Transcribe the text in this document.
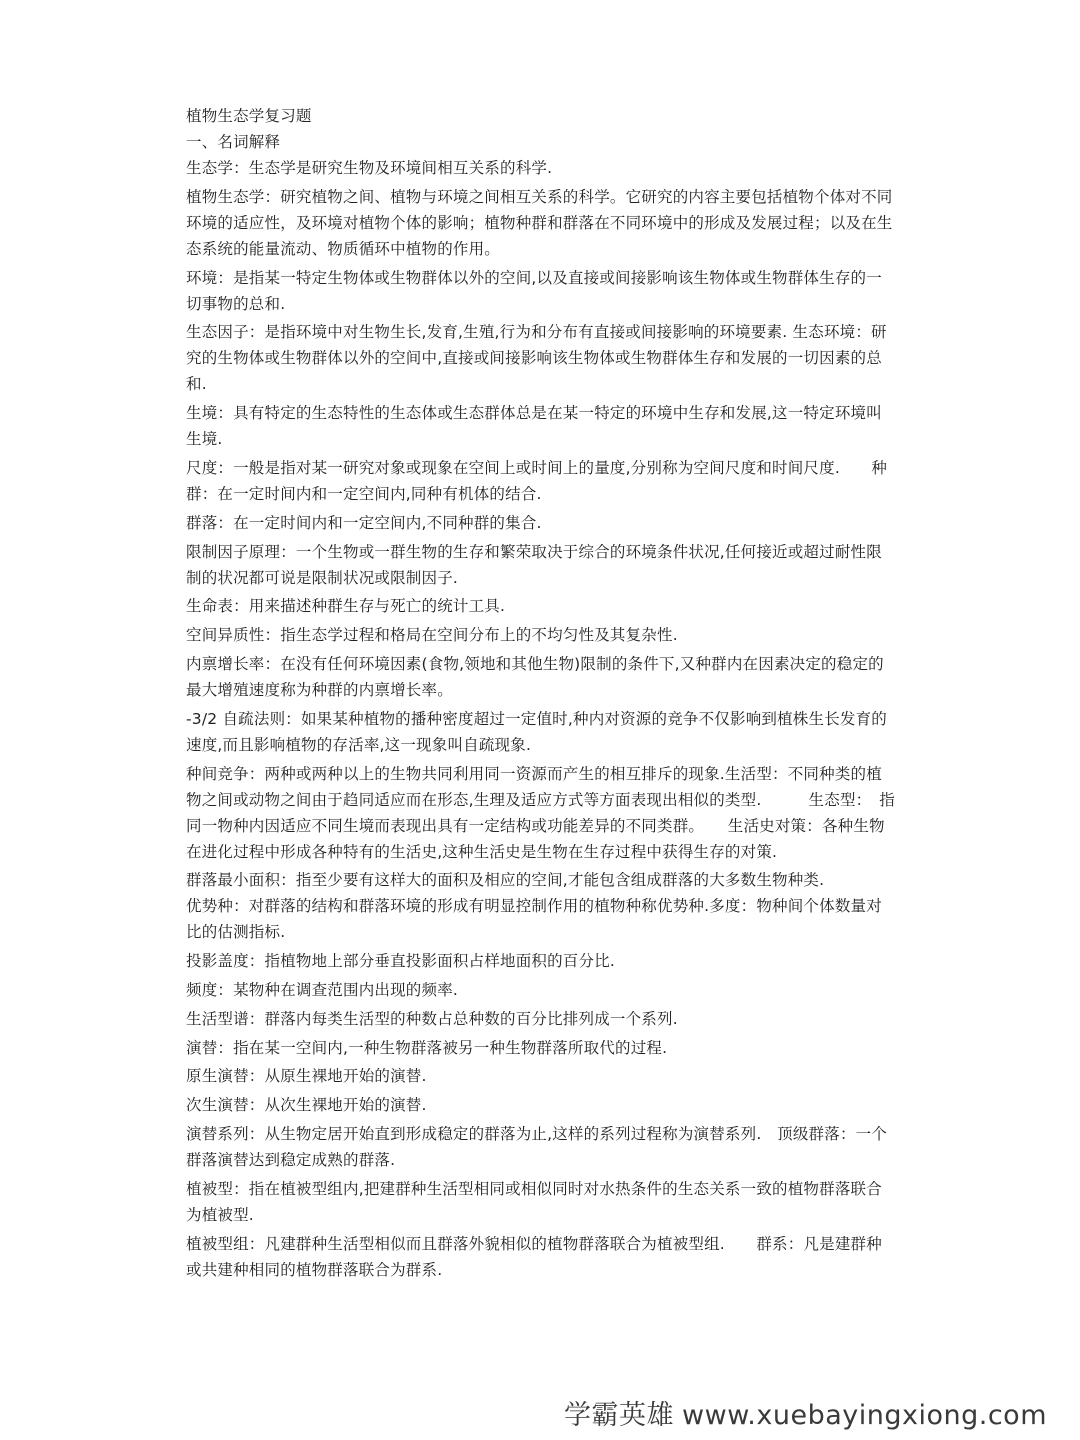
植物生态学复习题
一、名词解释
生态学：生态学是研究生物及环境间相互关系的科学.
植物生态学：研究植物之间、植物与环境之间相互关系的科学。它研究的内容主要包括植物个体对不同环境的适应性，及环境对植物个体的影响；植物种群和群落在不同环境中的形成及发展过程；以及在生态系统的能量流动、物质循环中植物的作用。
环境：是指某一特定生物体或生物群体以外的空间,以及直接或间接影响该生物体或生物群体生存的一切事物的总和.
生态因子：是指环境中对生物生长,发育,生殖,行为和分布有直接或间接影响的环境要素. 生态环境：研究的生物体或生物群体以外的空间中,直接或间接影响该生物体或生物群体生存和发展的一切因素的总和.
生境：具有特定的生态特性的生态体或生态群体总是在某一特定的环境中生存和发展,这一特定环境叫生境.
尺度：一般是指对某一研究对象或现象在空间上或时间上的量度,分别称为空间尺度和时间尺度.　　种群：在一定时间内和一定空间内,同种有机体的结合.
群落：在一定时间内和一定空间内,不同种群的集合.
限制因子原理：一个生物或一群生物的生存和繁荣取决于综合的环境条件状况,任何接近或超过耐性限制的状况都可说是限制状况或限制因子.
生命表：用来描述种群生存与死亡的统计工具.
空间异质性：指生态学过程和格局在空间分布上的不均匀性及其复杂性.
内禀增长率：在没有任何环境因素(食物,领地和其他生物)限制的条件下,又种群内在因素决定的稳定的最大增殖速度称为种群的内禀增长率。
-3/2 自疏法则：如果某种植物的播种密度超过一定值时,种内对资源的竞争不仅影响到植株生长发育的速度,而且影响植物的存活率,这一现象叫自疏现象.
种间竞争：两种或两种以上的生物共同利用同一资源而产生的相互排斥的现象.生活型：不同种类的植物之间或动物之间由于趋同适应而在形态,生理及适应方式等方面表现出相似的类型.　　　生态型：　指同一物种内因适应不同生境而表现出具有一定结构或功能差异的不同类群。　　生活史对策：各种生物在进化过程中形成各种特有的生活史,这种生活史是生物在生存过程中获得生存的对策.
群落最小面积：指至少要有这样大的面积及相应的空间,才能包含组成群落的大多数生物种类.　　　　　优势种：对群落的结构和群落环境的形成有明显控制作用的植物种称优势种.多度：物种间个体数量对比的估测指标.
投影盖度：指植物地上部分垂直投影面积占样地面积的百分比.
频度：某物种在调查范围内出现的频率.
生活型谱：群落内每类生活型的种数占总种数的百分比排列成一个系列.
演替：指在某一空间内,一种生物群落被另一种生物群落所取代的过程.
原生演替：从原生裸地开始的演替.
次生演替：从次生裸地开始的演替.
演替系列：从生物定居开始直到形成稳定的群落为止,这样的系列过程称为演替系列.　顶级群落：一个群落演替达到稳定成熟的群落.
植被型：指在植被型组内,把建群种生活型相同或相似同时对水热条件的生态关系一致的植物群落联合为植被型.
植被型组：凡建群种生活型相似而且群落外貌相似的植物群落联合为植被型组.　　群系：凡是建群种或共建种相同的植物群落联合为群系.
学霸英雄 www.xuebayingxiong.com
